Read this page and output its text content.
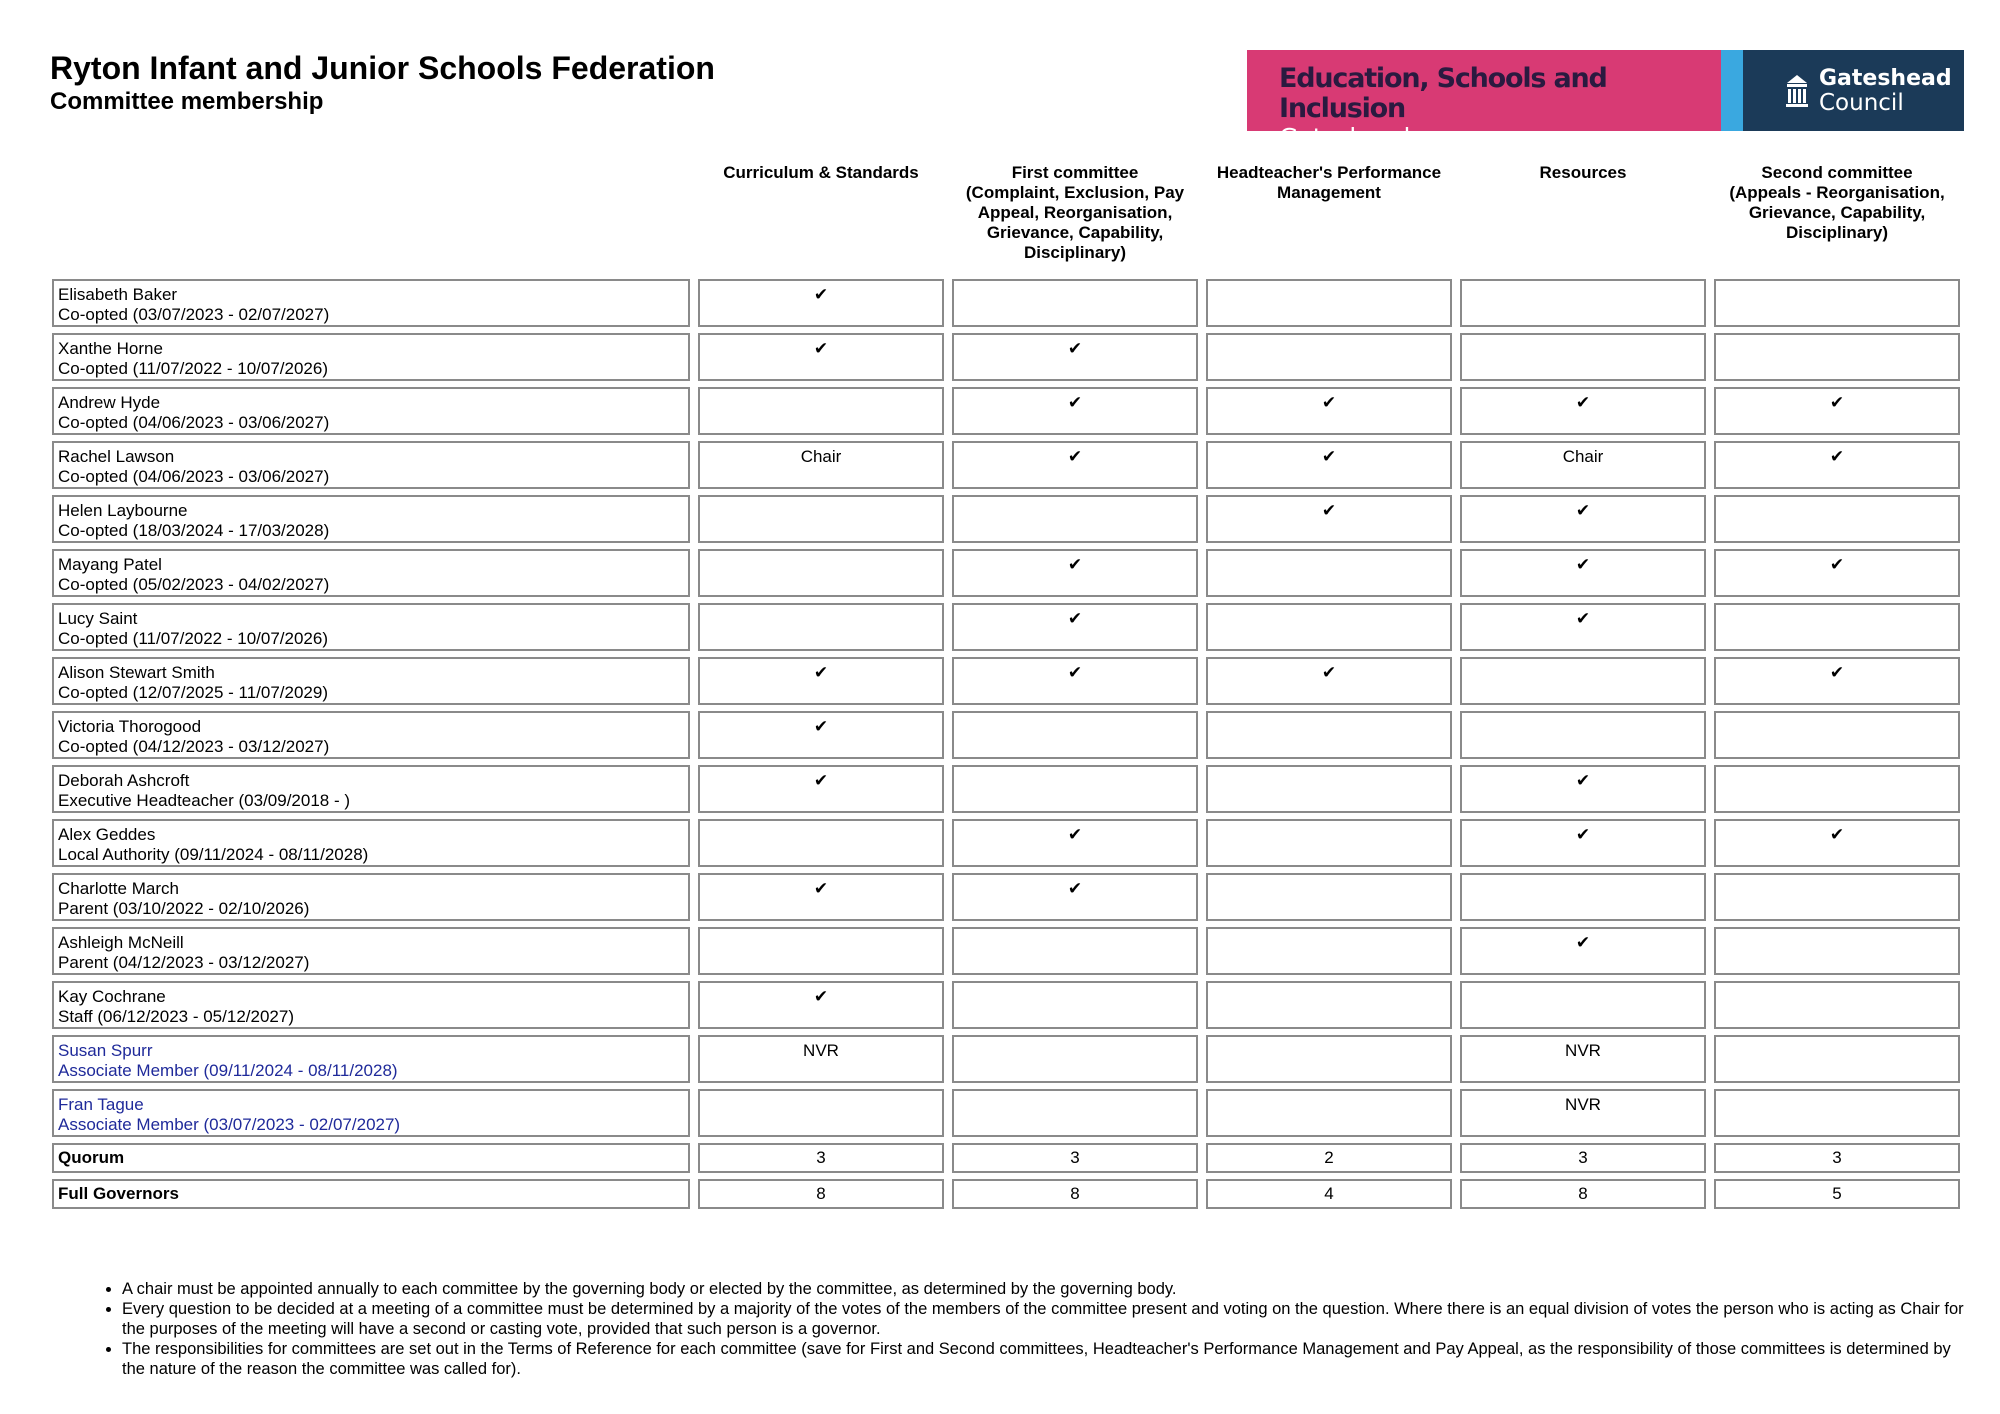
Ryton Infant and Junior Schools Federation
Committee membership
Education, Schools and Inclusion
Gateshead
Gateshead
Council

	Curriculum & Standards	First committee
(Complaint, Exclusion, Pay
Appeal, Reorganisation,
Grievance, Capability,
Disciplinary)	Headteacher's Performance
Management	Resources	Second committee
(Appeals - Reorganisation,
Grievance, Capability,
Disciplinary)

Elisabeth Baker
Co-opted (03/07/2023 - 02/07/2027)	✔				

Xanthe Horne
Co-opted (11/07/2022 - 10/07/2026)	✔	✔			

Andrew Hyde
Co-opted (04/06/2023 - 03/06/2027)		✔	✔	✔	✔

Rachel Lawson
Co-opted (04/06/2023 - 03/06/2027)	Chair	✔	✔	Chair	✔

Helen Laybourne
Co-opted (18/03/2024 - 17/03/2028)			✔	✔	

Mayang Patel
Co-opted (05/02/2023 - 04/02/2027)		✔		✔	✔

Lucy Saint
Co-opted (11/07/2022 - 10/07/2026)		✔		✔	

Alison Stewart Smith
Co-opted (12/07/2025 - 11/07/2029)	✔	✔	✔		✔

Victoria Thorogood
Co-opted (04/12/2023 - 03/12/2027)	✔				

Deborah Ashcroft
Executive Headteacher (03/09/2018 - )	✔			✔	

Alex Geddes
Local Authority (09/11/2024 - 08/11/2028)		✔		✔	✔

Charlotte March
Parent (03/10/2022 - 02/10/2026)	✔	✔			

Ashleigh McNeill
Parent (04/12/2023 - 03/12/2027)				✔	

Kay Cochrane
Staff (06/12/2023 - 05/12/2027)	✔				

Susan Spurr
Associate Member (09/11/2024 - 08/11/2028)	NVR			NVR	

Fran Tague
Associate Member (03/07/2023 - 02/07/2027)				NVR	
Quorum	3	3	2	3	3
Full Governors	8	8	4	8	5
• A chair must be appointed annually to each committee by the governing body or elected by the committee, as determined by the governing body.
• Every question to be decided at a meeting of a committee must be determined by a majority of the votes of the members of the committee present and voting on the question. Where there is an equal division of votes the person who is acting as Chair for the purposes of the meeting will have a second or casting vote, provided that such person is a governor.
• The responsibilities for committees are set out in the Terms of Reference for each committee (save for First and Second committees, Headteacher's Performance Management and Pay Appeal, as the responsibility of those committees is determined by the nature of the reason the committee was called for).
